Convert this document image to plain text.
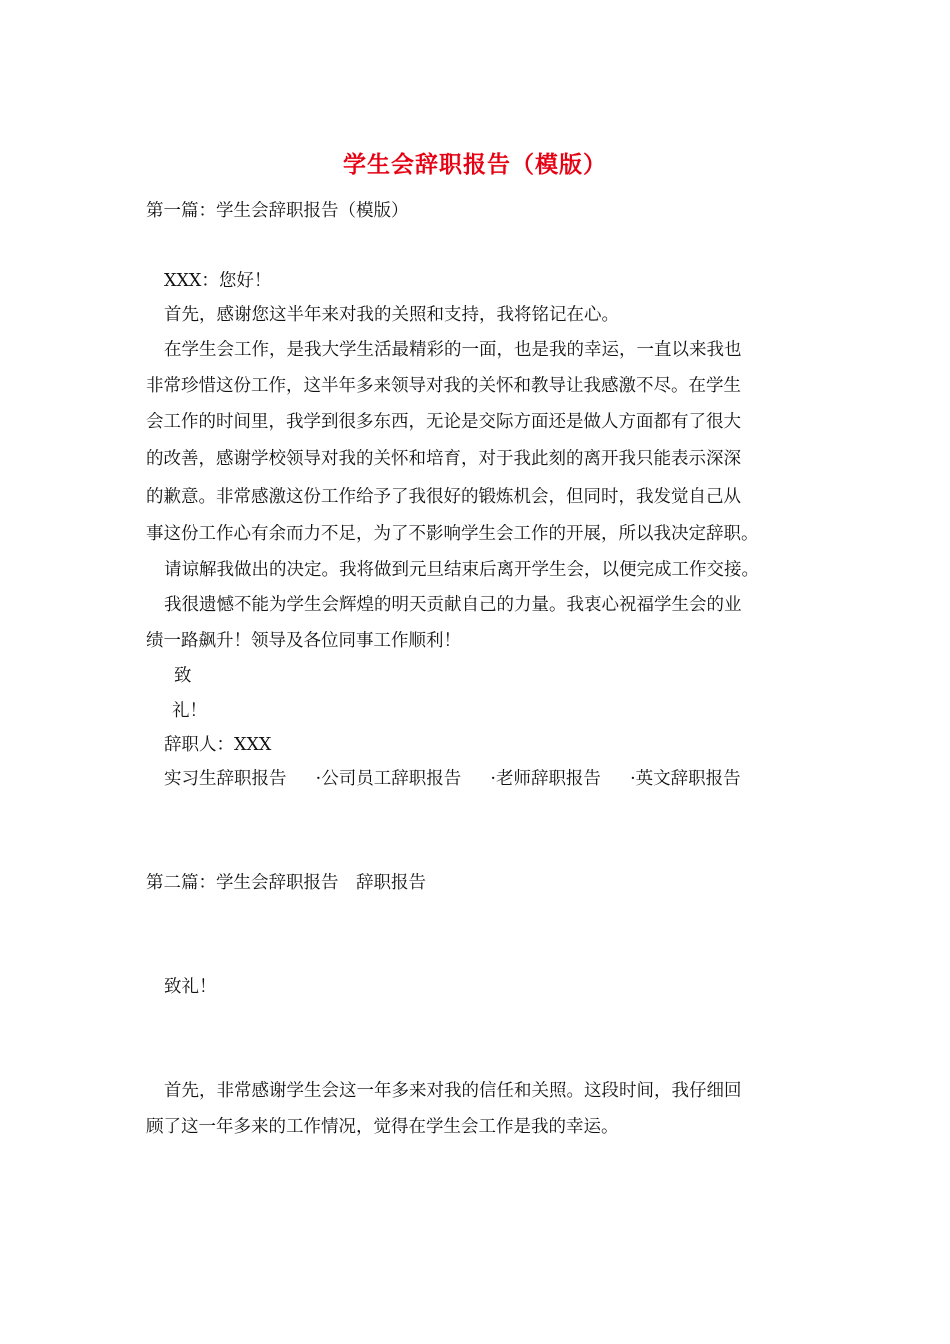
学生会辞职报告（模版）
第一篇：学生会辞职报告（模版）
XXX：您好！
首先，感谢您这半年来对我的关照和支持，我将铭记在心。
在学生会工作，是我大学生活最精彩的一面，也是我的幸运，一直以来我也
非常珍惜这份工作，这半年多来领导对我的关怀和教导让我感激不尽。在学生
会工作的时间里，我学到很多东西，无论是交际方面还是做人方面都有了很大
的改善，感谢学校领导对我的关怀和培育，对于我此刻的离开我只能表示深深
的歉意。非常感激这份工作给予了我很好的锻炼机会，但同时，我发觉自己从
事这份工作心有余而力不足，为了不影响学生会工作的开展，所以我决定辞职。
请谅解我做出的决定。我将做到元旦结束后离开学生会，以便完成工作交接。
我很遗憾不能为学生会辉煌的明天贡献自己的力量。我衷心祝福学生会的业
绩一路飙升！领导及各位同事工作顺利！
致
礼！
辞职人：XXX
实习生辞职报告 ·公司员工辞职报告 ·老师辞职报告 ·英文辞职报告
第二篇：学生会辞职报告　辞职报告
致礼！
首先，非常感谢学生会这一年多来对我的信任和关照。这段时间，我仔细回
顾了这一年多来的工作情况，觉得在学生会工作是我的幸运。
